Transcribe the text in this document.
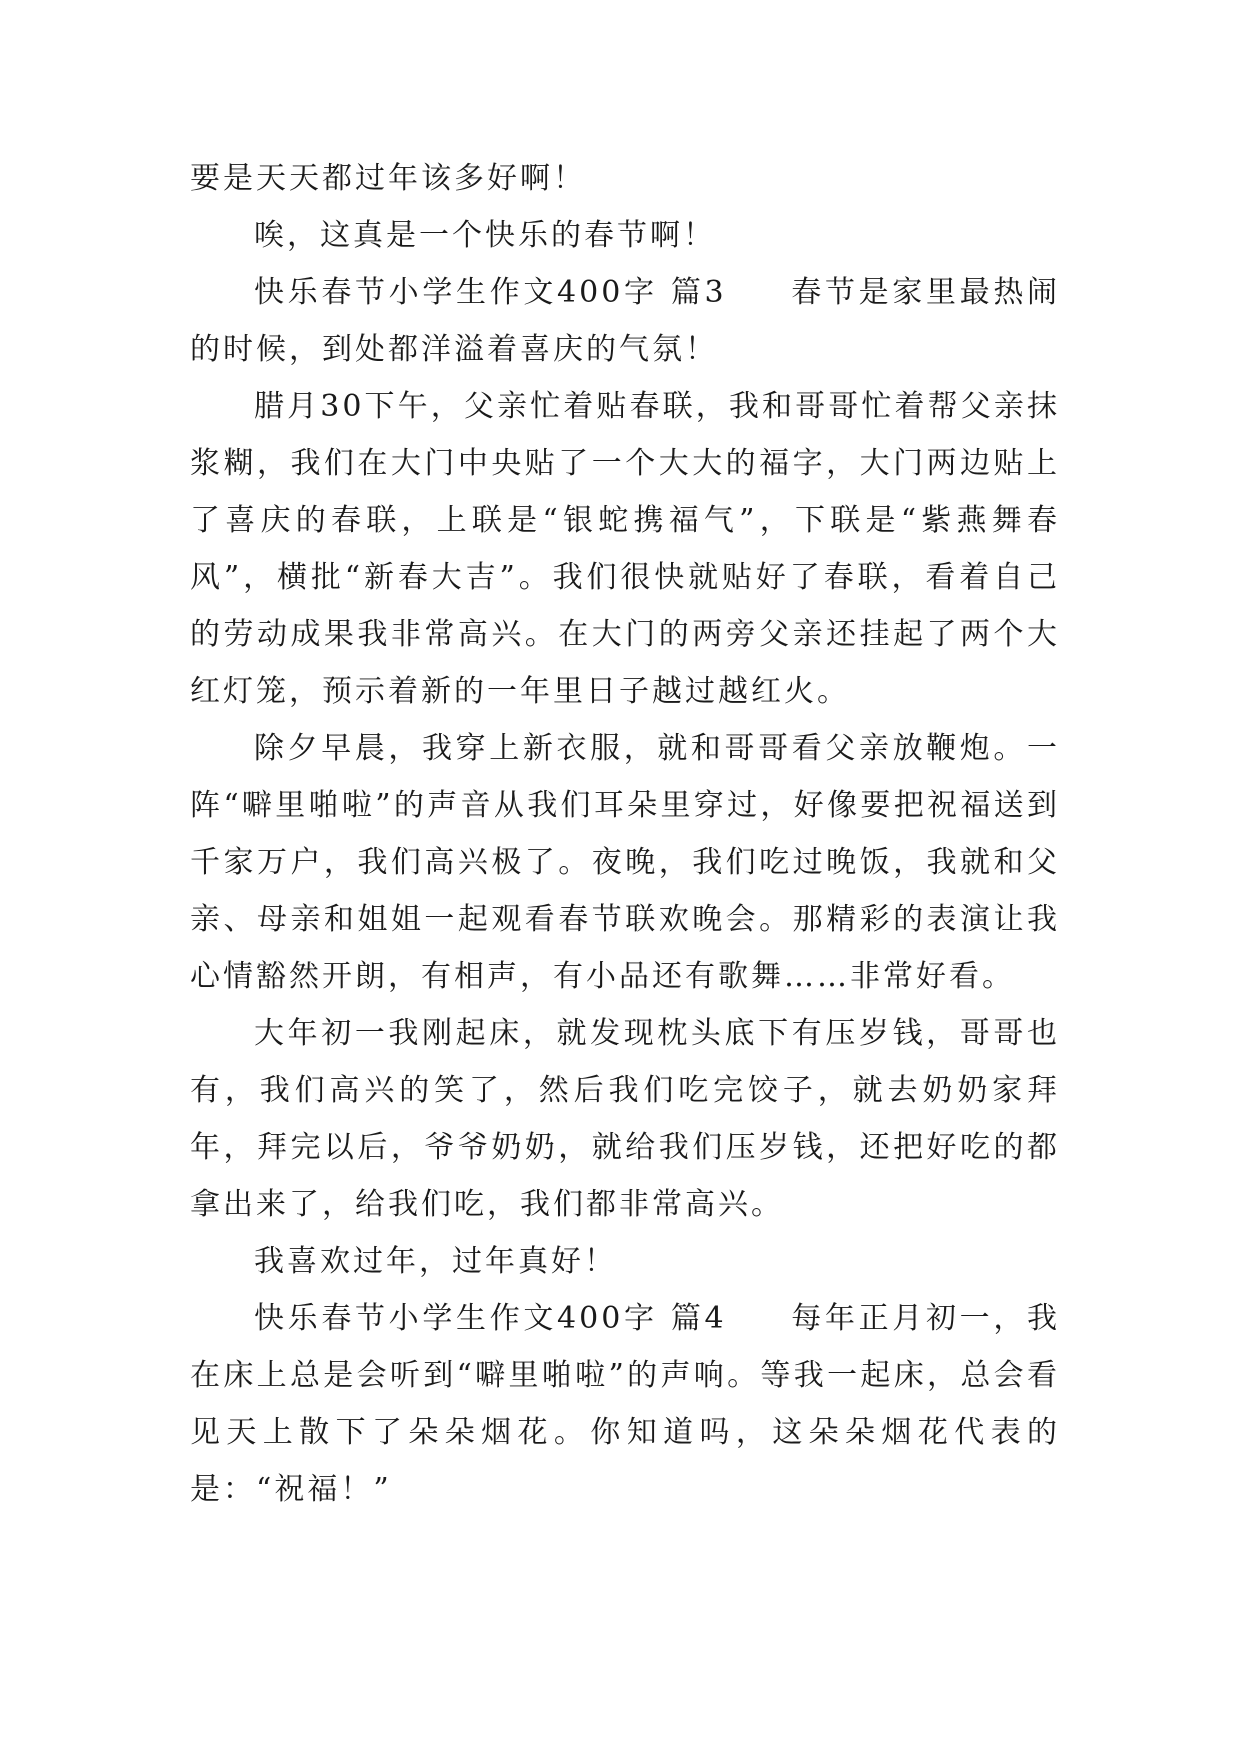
要是天天都过年该多好啊！

唉，这真是一个快乐的春节啊！

快乐春节小学生作文400字 篇3 春节是家里最热闹的时候，到处都洋溢着喜庆的气氛！

腊月30下午，父亲忙着贴春联，我和哥哥忙着帮父亲抹浆糊，我们在大门中央贴了一个大大的福字，大门两边贴上了喜庆的春联，上联是“银蛇携福气”，下联是“紫燕舞春风”，横批“新春大吉”。我们很快就贴好了春联，看着自己的劳动成果我非常高兴。在大门的两旁父亲还挂起了两个大红灯笼，预示着新的一年里日子越过越红火。

除夕早晨，我穿上新衣服，就和哥哥看父亲放鞭炮。一阵“噼里啪啦”的声音从我们耳朵里穿过，好像要把祝福送到千家万户，我们高兴极了。夜晚，我们吃过晚饭，我就和父亲、母亲和姐姐一起观看春节联欢晚会。那精彩的表演让我心情豁然开朗，有相声，有小品还有歌舞……非常好看。

大年初一我刚起床，就发现枕头底下有压岁钱，哥哥也有，我们高兴的笑了，然后我们吃完饺子，就去奶奶家拜年，拜完以后，爷爷奶奶，就给我们压岁钱，还把好吃的都拿出来了，给我们吃，我们都非常高兴。

我喜欢过年，过年真好！

快乐春节小学生作文400字 篇4 每年正月初一，我在床上总是会听到“噼里啪啦”的声响。等我一起床，总会看见天上散下了朵朵烟花。你知道吗，这朵朵烟花代表的是：“祝福！”
